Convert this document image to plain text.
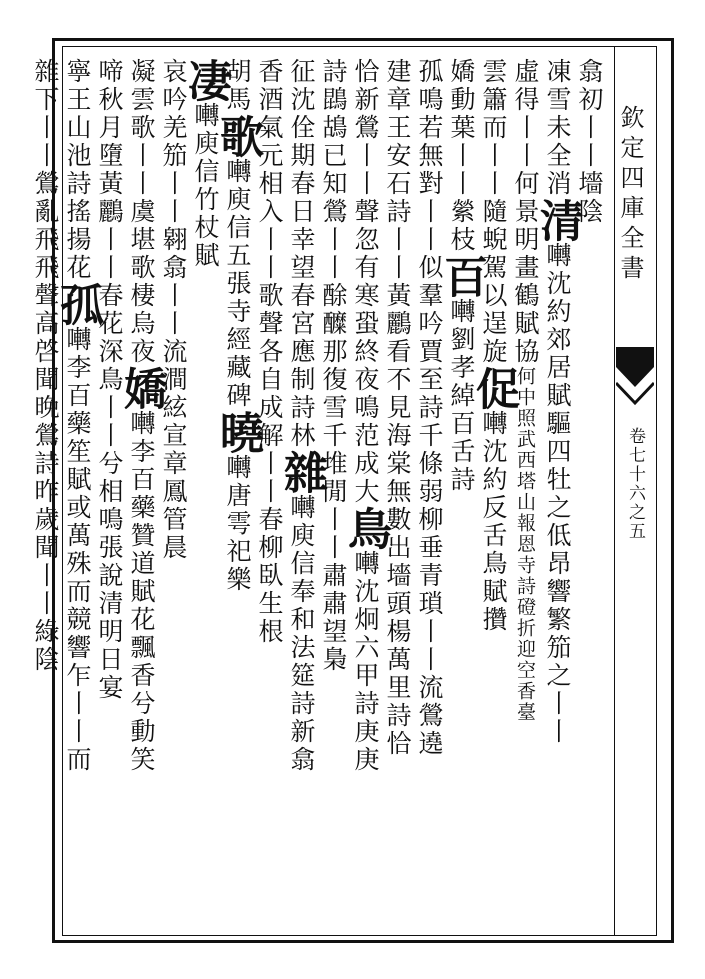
欽定四庫全書
卷七十六之五
翕初丨丨墻陰
凍雪未全消清囀沈約郊居賦驅四牡之低昂響繁笳之丨丨
虛得丨丨何景明畫鶴賦協何中照武西塔山報恩寺詩磴折迎空香臺
雲簫而丨丨隨蜺駕以逞旋促囀沈約反舌鳥賦攢
嬌動葉丨丨縈枝百囀劉孝綽百舌詩
孤鳴若無對丨丨似羣吟賈至詩千條弱柳垂青瑣丨丨流鶯遶
建章王安石詩丨丨黃鸝看不見海棠無數出墻頭楊萬里詩恰
恰新鶯丨丨聲忽有寒蛩終夜鳴范成大鳥囀沈炯六甲詩庚庚
詩鵾鴣已知鶯丨丨酴醾那復雪千堆閒丨丨肅肅望梟
征沈佺期春日幸望春宮應制詩林雜囀庾信奉和法筵詩新翕
香酒氣元相入丨丨歌聲各自成解丨丨春柳臥生根
胡馬歌囀庾信五張寺經藏碑曉囀唐雩祀樂
凄囀庾信竹杖賦
哀吟羌笳丨丨翱翕丨丨流澗絃宣章鳳管晨
凝雲歌丨丨虞堪歌棲烏夜嬌囀李百藥贊道賦花飄香兮動笑
啼秋月墮黃鸝丨丨春花深鳥丨丨兮相鳴張說清明日宴
寧王山池詩搖揚花孤囀李百藥笙賦或萬殊而競響乍丨丨而
雜下丨丨鶯亂飛飛聲高啓聞晚鶯詩昨歲聞丨丨綠陰
